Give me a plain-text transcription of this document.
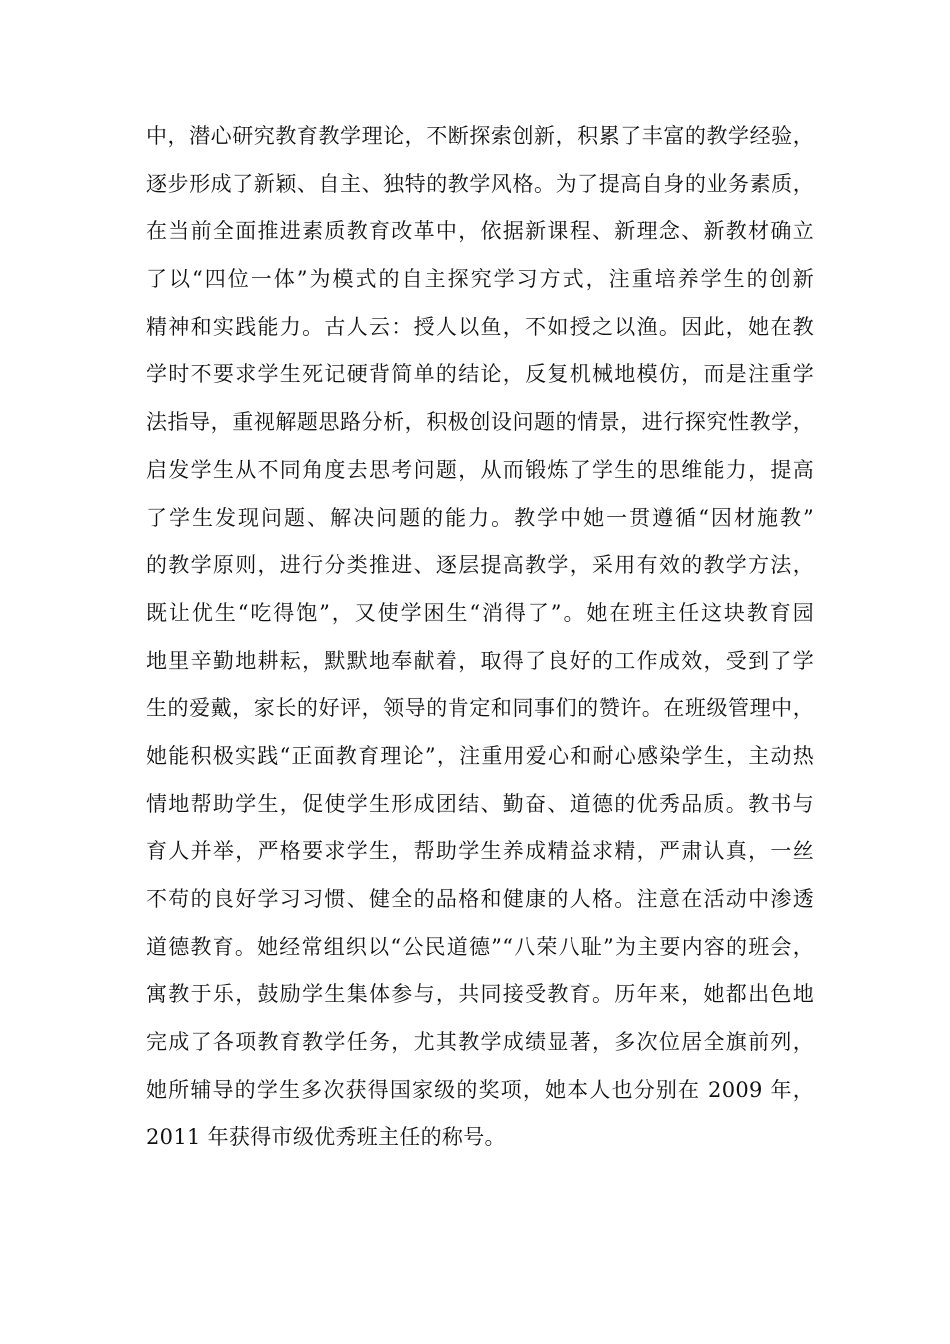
中，潜心研究教育教学理论，不断探索创新，积累了丰富的教学经验，
逐步形成了新颖、自主、独特的教学风格。为了提高自身的业务素质，
在当前全面推进素质教育改革中，依据新课程、新理念、新教材确立
了以“四位一体”为模式的自主探究学习方式，注重培养学生的创新
精神和实践能力。古人云：授人以鱼，不如授之以渔。因此，她在教
学时不要求学生死记硬背简单的结论，反复机械地模仿，而是注重学
法指导，重视解题思路分析，积极创设问题的情景，进行探究性教学，
启发学生从不同角度去思考问题，从而锻炼了学生的思维能力，提高
了学生发现问题、解决问题的能力。教学中她一贯遵循“因材施教”
的教学原则，进行分类推进、逐层提高教学，采用有效的教学方法，
既让优生“吃得饱”，又使学困生“消得了”。她在班主任这块教育园
地里辛勤地耕耘，默默地奉献着，取得了良好的工作成效，受到了学
生的爱戴，家长的好评，领导的肯定和同事们的赞许。在班级管理中，
她能积极实践“正面教育理论”，注重用爱心和耐心感染学生，主动热
情地帮助学生，促使学生形成团结、勤奋、道德的优秀品质。教书与
育人并举，严格要求学生，帮助学生养成精益求精，严肃认真，一丝
不苟的良好学习习惯、健全的品格和健康的人格。注意在活动中渗透
道德教育。她经常组织以“公民道德”“八荣八耻”为主要内容的班会，
寓教于乐，鼓励学生集体参与，共同接受教育。历年来，她都出色地
完成了各项教育教学任务，尤其教学成绩显著，多次位居全旗前列，
她所辅导的学生多次获得国家级的奖项，她本人也分别在 2009 年，
2011 年获得市级优秀班主任的称号。
